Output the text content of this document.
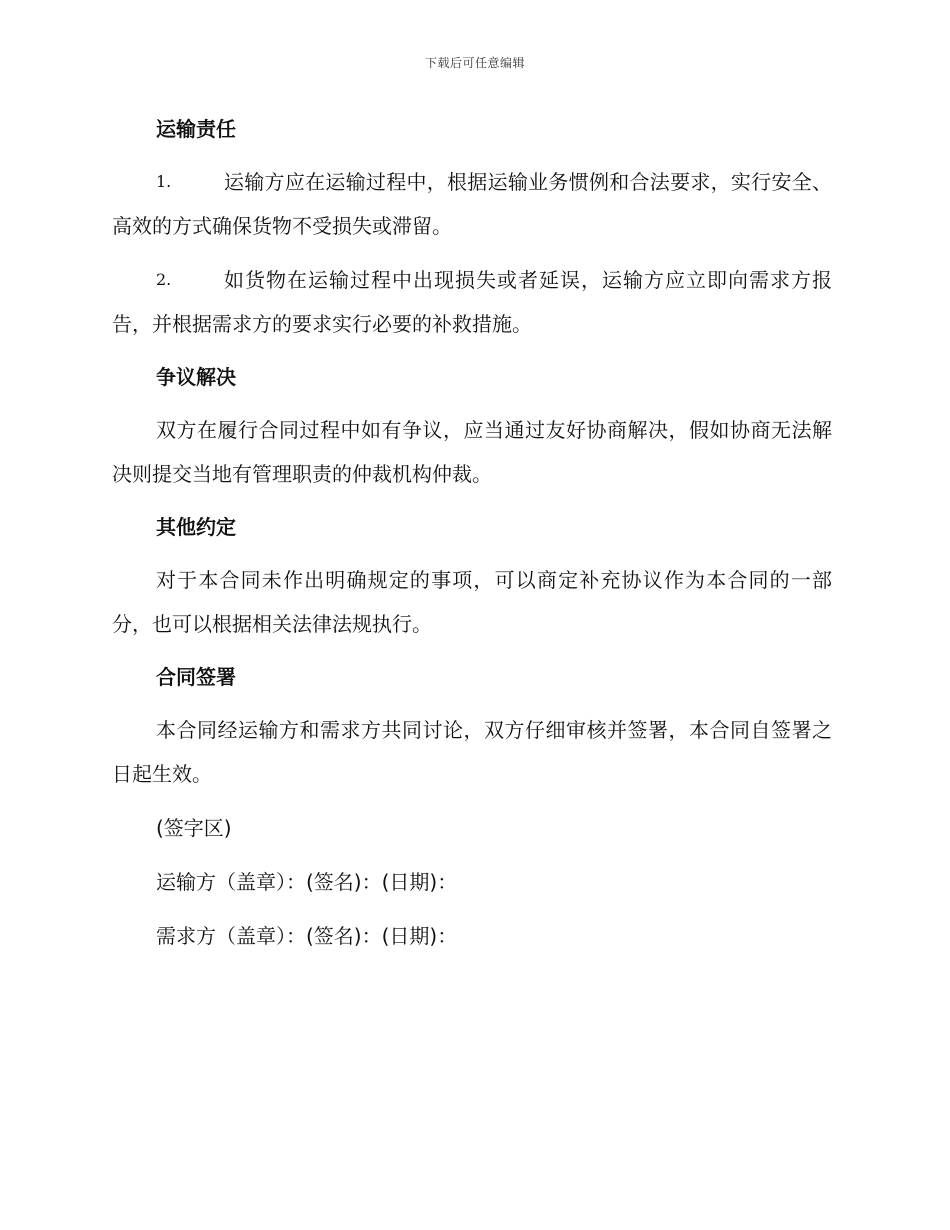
下载后可任意编辑
运输责任

1.	运输方应在运输过程中，根据运输业务惯例和合法要求，实行安全、高效的方式确保货物不受损失或滞留。

2.	如货物在运输过程中出现损失或者延误，运输方应立即向需求方报告，并根据需求方的要求实行必要的补救措施。

争议解决

双方在履行合同过程中如有争议，应当通过友好协商解决，假如协商无法解决则提交当地有管理职责的仲裁机构仲裁。

其他约定

对于本合同未作出明确规定的事项，可以商定补充协议作为本合同的一部分，也可以根据相关法律法规执行。

合同签署

本合同经运输方和需求方共同讨论，双方仔细审核并签署，本合同自签署之日起生效。

(签字区)

运输方（盖章）：(签名)：(日期)：

需求方（盖章）：(签名)：(日期)：
